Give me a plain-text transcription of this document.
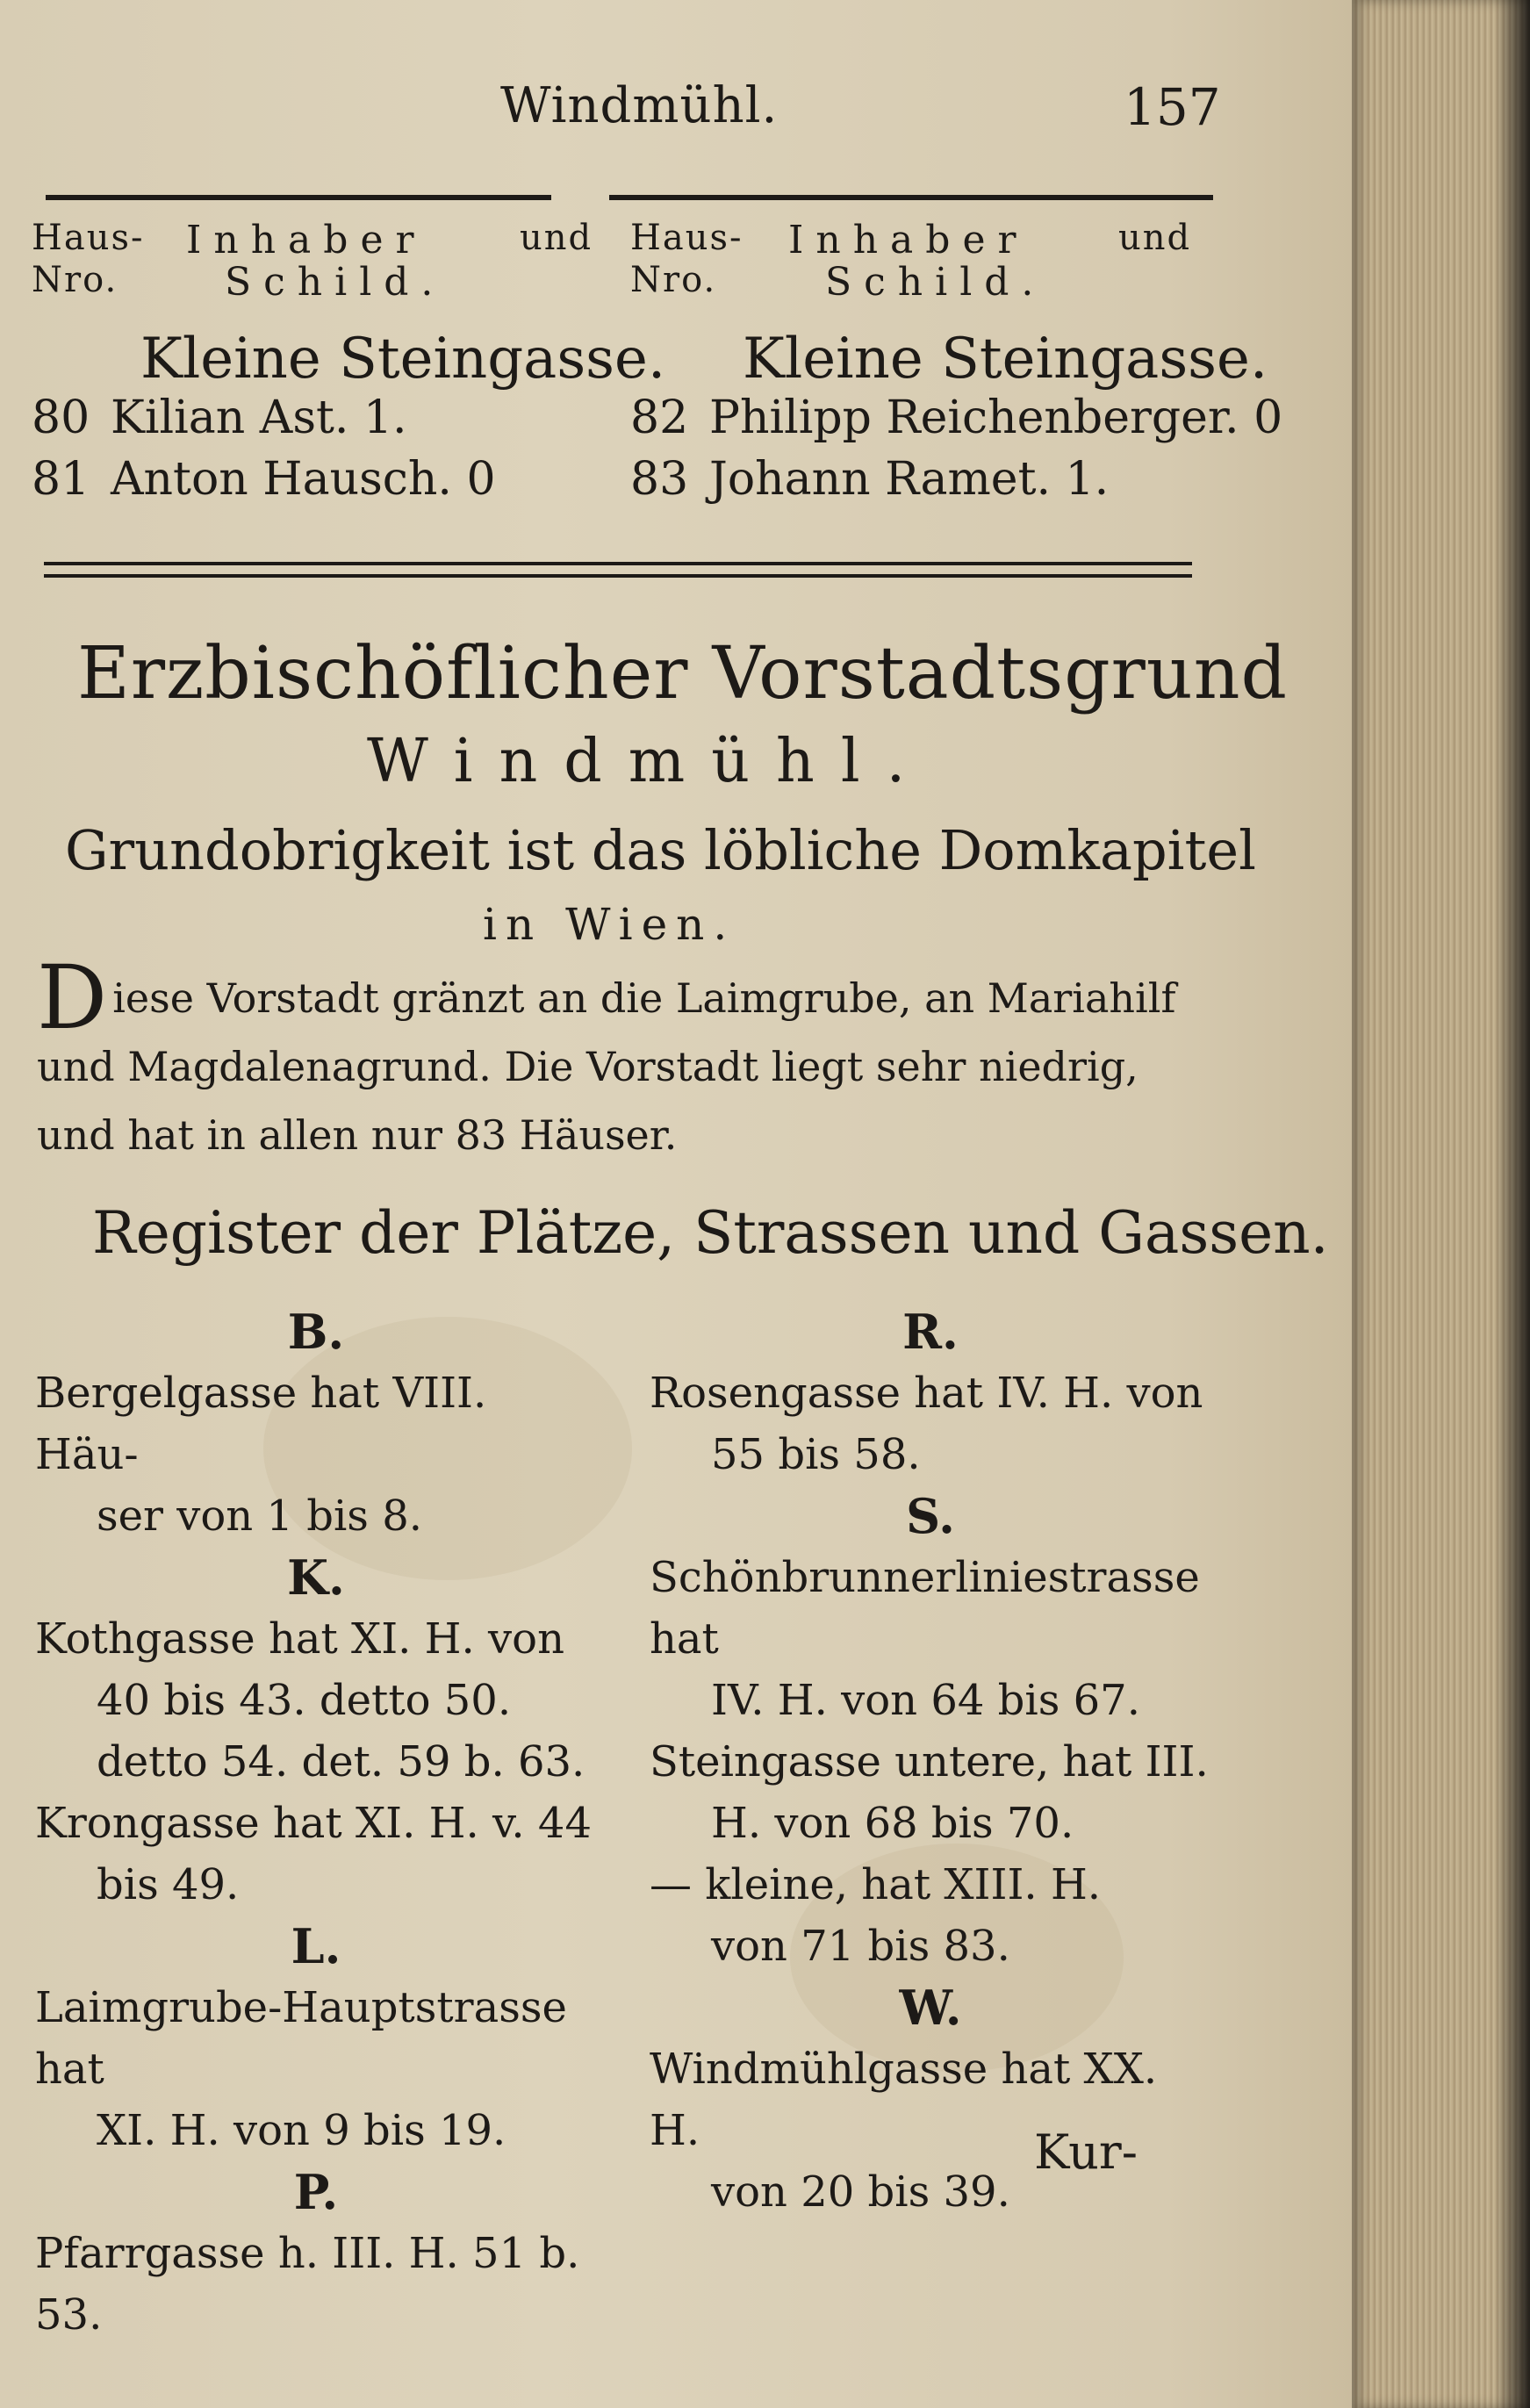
Windmühl.	157
Haus-
Nro.
Inhaber
Schild.
und Haus-
Nro.
Inhaber
Schild.
und
Kleine Steingasse. Kleine Steingasse.
80 Kilian Ast. 1.
81 Anton Hausch. 0
82 Philipp Reichenberger. 0
83 Johann Ramet. 1.
Erzbischöflicher Vorstadtsgrund
Windmühl.
Grundobrigkeit ist das löbliche Domkapitel
in Wien.
Diese Vorstadt gränzt an die Laimgrube, an Mariahilf und Magdalenagrund. Die Vorstadt liegt sehr niedrig, und hat in allen nur 83 Häuser.
Register der Plätze, Strassen und Gassen.
B.
Bergelgasse hat VIII. Häu-
ser von 1 bis 8.
K.
Kothgasse hat XI. H. von
40 bis 43. detto 50. detto 54. det. 59 b. 63.
Krongasse hat XI. H. v. 44
bis 49.
L.
Laimgrube-Hauptstrasse hat
XI. H. von 9 bis 19.
P.
Pfarrgasse h. III. H. 51 b. 53.
R.
Rosengasse hat IV. H. von
55 bis 58.
S.
Schönbrunnerliniestrasse hat
IV. H. von 64 bis 67.
Steingasse untere, hat III.
H. von 68 bis 70.
— kleine, hat XIII. H.
von 71 bis 83.
W.
Windmühlgasse hat XX. H.
von 20 bis 39.
Kur-
